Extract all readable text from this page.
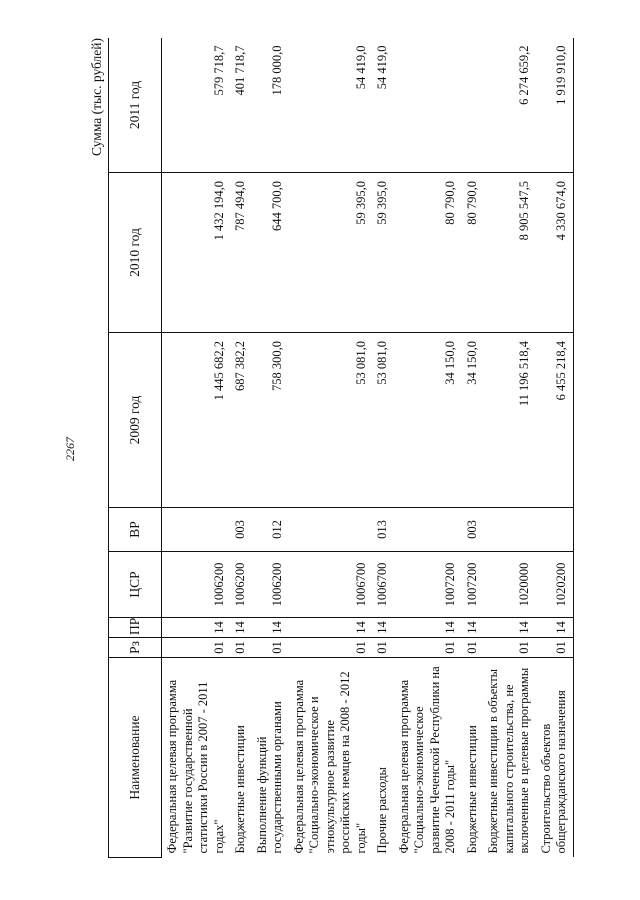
2267
Сумма (тыс. рублей)
Наименование	Рз	ПР	ЦСР	ВР	2009 год	2010 год	2011 год
Федеральная целевая программа "Развитие государственной статистики России в 2007 - 2011 годах"	01	14	1006200		1 445 682,2	1 432 194,0	579 718,7
Бюджетные инвестиции	01	14	1006200	003	687 382,2	787 494,0	401 718,7
Выполнение функций государственными органами	01	14	1006200	012	758 300,0	644 700,0	178 000,0
Федеральная целевая программа "Социально-экономическое и этнокультурное развитие российских немцев на 2008 - 2012 годы"	01	14	1006700		53 081,0	59 395,0	54 419,0
Прочие расходы	01	14	1006700	013	53 081,0	59 395,0	54 419,0
Федеральная целевая программа "Социально-экономическое развитие Чеченской Республики на 2008 - 2011 годы"	01	14	1007200		34 150,0	80 790,0	
Бюджетные инвестиции	01	14	1007200	003	34 150,0	80 790,0	
Бюджетные инвестиции в объекты капитального строительства, не включенные в целевые программы	01	14	1020000		11 196 518,4	8 905 547,5	6 274 659,2
Строительство объектов общегражданского назначения	01	14	1020200		6 455 218,4	4 330 674,0	1 919 910,0
